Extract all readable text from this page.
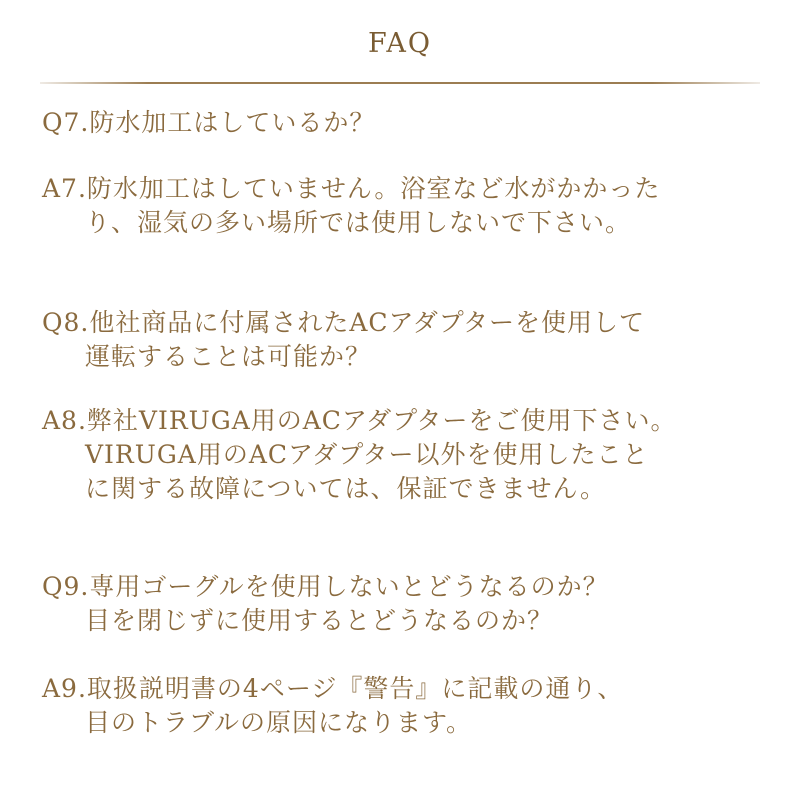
FAQ
Q7.防水加工はしているか？
A7.防水加工はしていません。浴室など水がかかった
り、湿気の多い場所では使用しないで下さい。
Q8.他社商品に付属されたACアダプターを使用して
運転することは可能か？
A8.弊社VIRUGA用のACアダプターをご使用下さい。
VIRUGA用のACアダプター以外を使用したこと
に関する故障については、保証できません。
Q9.専用ゴーグルを使用しないとどうなるのか？
目を閉じずに使用するとどうなるのか？
A9.取扱説明書の4ページ『警告』に記載の通り、
目のトラブルの原因になります。
